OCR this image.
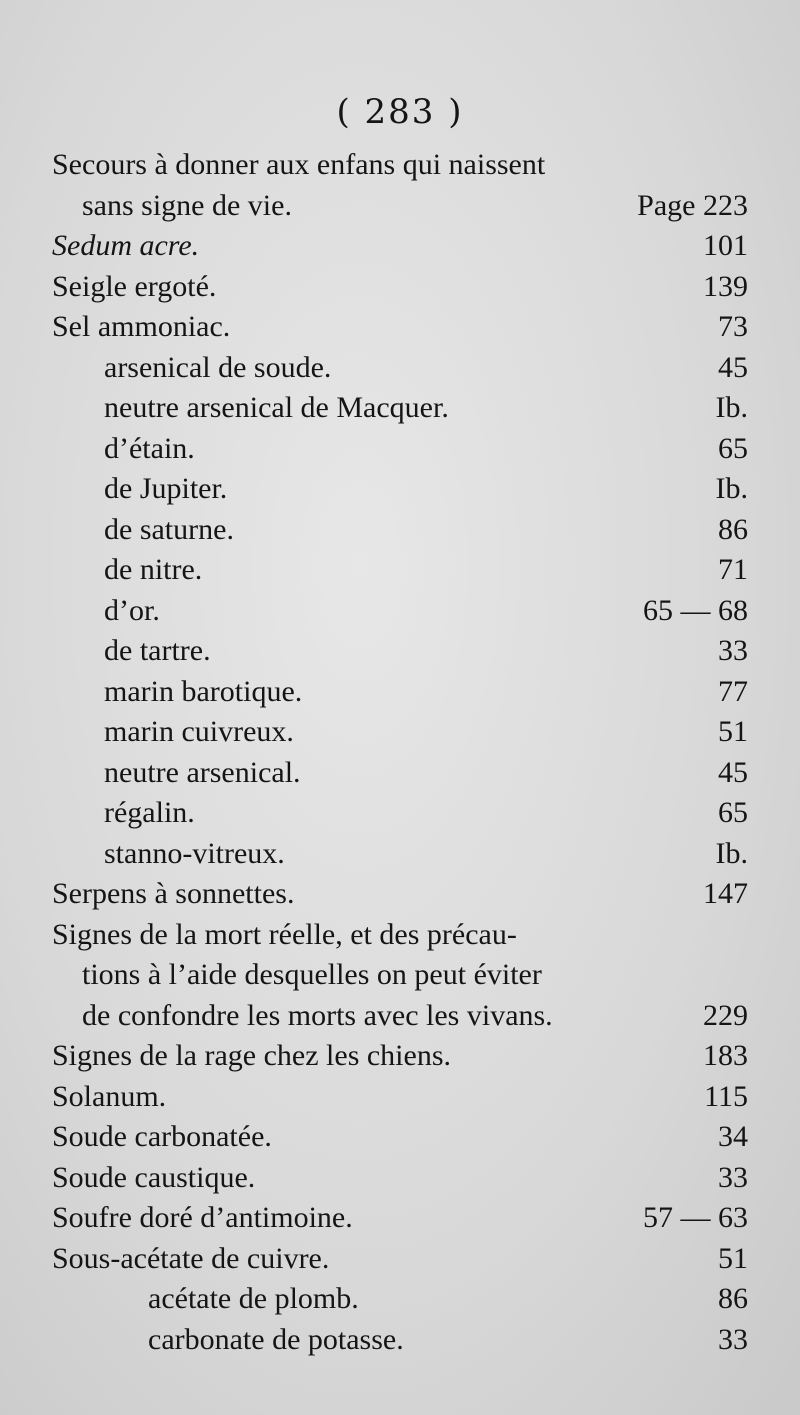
( 283 )
Secours à donner aux enfans qui naissent
sans signe de vie.	Page 223
Sedum acre.	101
Seigle ergoté.	139
Sel ammoniac.	73
arsenical de soude.	45
neutre arsenical de Macquer.	Ib.
d’étain.	65
de Jupiter.	Ib.
de saturne.	86
de nitre.	71
d’or.	65 — 68
de tartre.	33
marin barotique.	77
marin cuivreux.	51
neutre arsenical.	45
régalin.	65
stanno-vitreux.	Ib.
Serpens à sonnettes.	147
Signes de la mort réelle, et des précau-
tions à l’aide desquelles on peut éviter
de confondre les morts avec les vivans.	229
Signes de la rage chez les chiens.	183
Solanum.	115
Soude carbonatée.	34
Soude caustique.	33
Soufre doré d’antimoine.	57 — 63
Sous-acétate de cuivre.	51
acétate de plomb.	86
carbonate de potasse.	33
